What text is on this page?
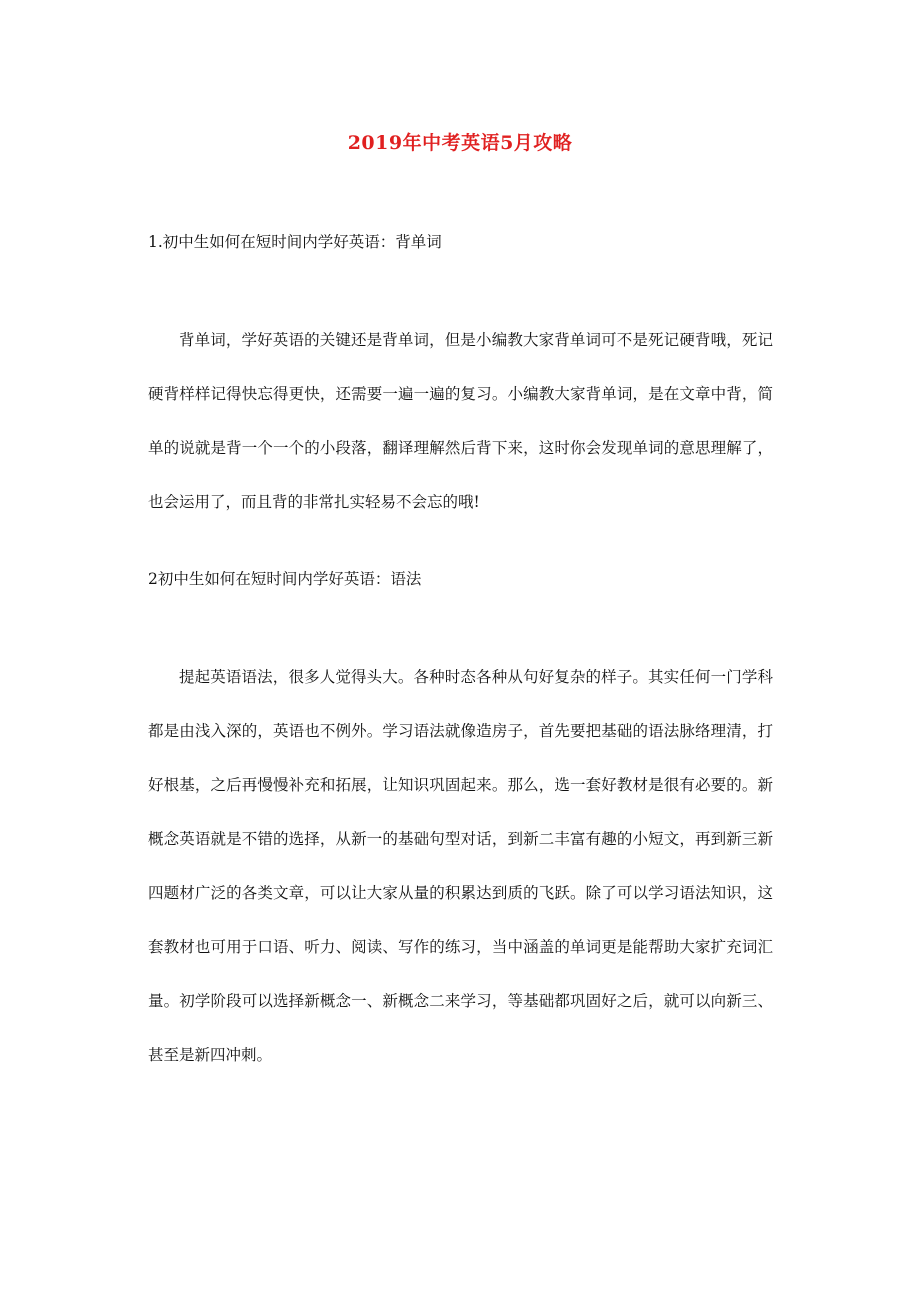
2019年中考英语5月攻略
1.初中生如何在短时间内学好英语：背单词

背单词，学好英语的关键还是背单词，但是小编教大家背单词可不是死记硬背哦，死记硬背样样记得快忘得更快，还需要一遍一遍的复习。小编教大家背单词，是在文章中背，简单的说就是背一个一个的小段落，翻译理解然后背下来，这时你会发现单词的意思理解了，也会运用了，而且背的非常扎实轻易不会忘的哦!

2初中生如何在短时间内学好英语：语法

提起英语语法，很多人觉得头大。各种时态各种从句好复杂的样子。其实任何一门学科都是由浅入深的，英语也不例外。学习语法就像造房子，首先要把基础的语法脉络理清，打好根基，之后再慢慢补充和拓展，让知识巩固起来。那么，选一套好教材是很有必要的。新概念英语就是不错的选择，从新一的基础句型对话，到新二丰富有趣的小短文，再到新三新四题材广泛的各类文章，可以让大家从量的积累达到质的飞跃。除了可以学习语法知识，这套教材也可用于口语、听力、阅读、写作的练习，当中涵盖的单词更是能帮助大家扩充词汇量。初学阶段可以选择新概念一、新概念二来学习，等基础都巩固好之后，就可以向新三、甚至是新四冲刺。
